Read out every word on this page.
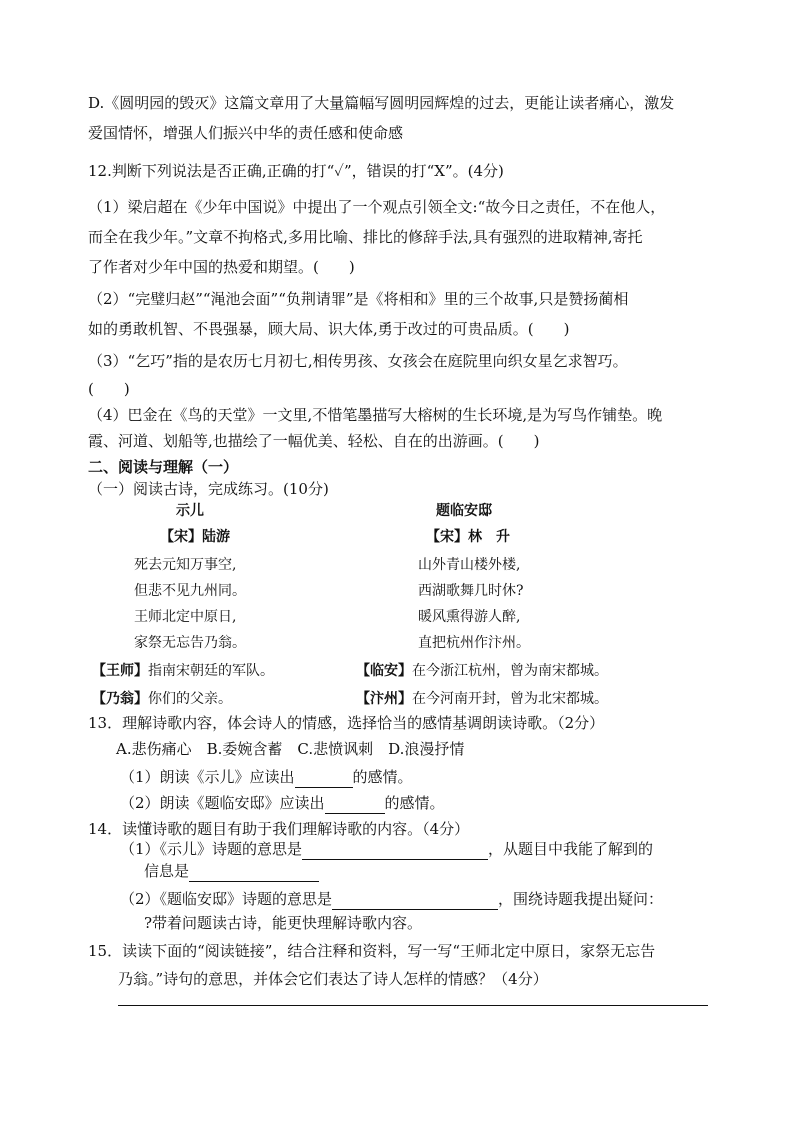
D.《圆明园的毁灭》这篇文章用了大量篇幅写圆明园辉煌的过去，更能让读者痛心，激发
爱国情怀，增强人们振兴中华的责任感和使命感
12.判断下列说法是否正确,正确的打“✓”，错误的打“X”。(4分)
（1）梁启超在《少年中国说》中提出了一个观点引领全文:“故今日之责任，不在他人，
而全在我少年。”文章不拘格式,多用比喻、排比的修辞手法,具有强烈的进取精神,寄托
了作者对少年中国的热爱和期望。(　　)
（2）“完璧归赵”“渑池会面”“负荆请罪”是《将相和》里的三个故事,只是赞扬蔺相
如的勇敢机智、不畏强暴，顾大局、识大体,勇于改过的可贵品质。(　　)
（3）“乞巧”指的是农历七月初七,相传男孩、女孩会在庭院里向织女星乞求智巧。
(　　)
（4）巴金在《鸟的天堂》一文里,不惜笔墨描写大榕树的生长环境,是为写鸟作铺垫。晚
霞、河道、划船等,也描绘了一幅优美、轻松、自在的出游画。(　　)
二、阅读与理解（一）
（一）阅读古诗，完成练习。(10分)
示儿
【宋】陆游
死去元知万事空,
但悲不见九州同。
王师北定中原日,
家祭无忘告乃翁。
题临安邸
【宋】林　升
山外青山楼外楼,
西湖歌舞几时休?
暖风熏得游人醉,
直把杭州作汴州。
【王师】指南宋朝廷的军队。	【临安】在今浙江杭州，曾为南宋都城。
【乃翁】你们的父亲。	【汴州】在今河南开封，曾为北宋都城。
13．理解诗歌内容，体会诗人的情感，选择恰当的感情基调朗读诗歌。（2分）
A.悲伤痛心　B.委婉含蓄　C.悲愤讽刺　D.浪漫抒情
（1）朗读《示儿》应读出	的感情。
（2）朗读《题临安邸》应读出	的感情。
14．读懂诗歌的题目有助于我们理解诗歌的内容。（4分）
（1）《示儿》诗题的意思是	，从题目中我能了解到的
信息是
（2）《题临安邸》诗题的意思是	，围绕诗题我提出疑问：
?带着问题读古诗，能更快理解诗歌内容。
15．读读下面的“阅读链接”，结合注释和资料，写一写“王师北定中原日，家祭无忘告
乃翁。”诗句的意思，并体会它们表达了诗人怎样的情感？（4分）
